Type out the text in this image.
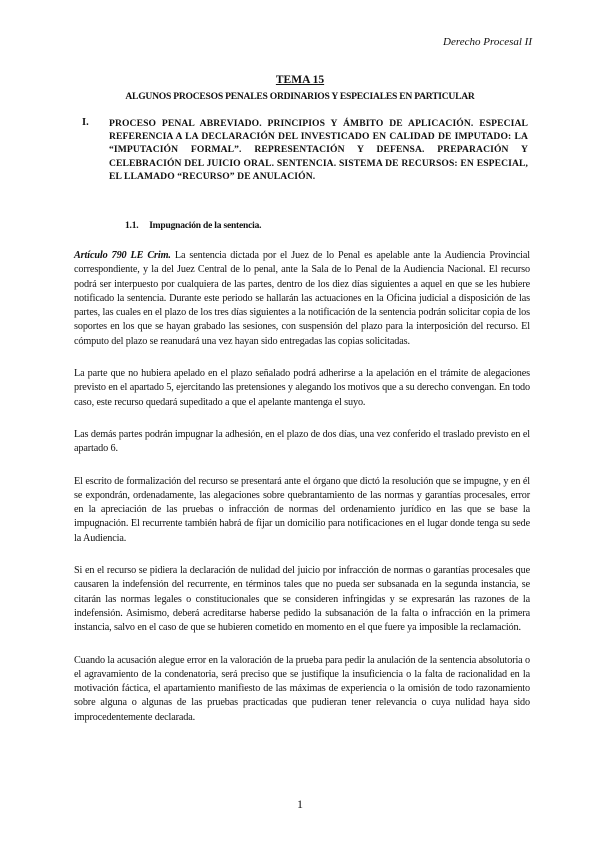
Derecho Procesal II
TEMA 15
ALGUNOS PROCESOS PENALES ORDINARIOS Y ESPECIALES EN PARTICULAR
I. PROCESO PENAL ABREVIADO. PRINCIPIOS Y ÁMBITO DE APLICACIÓN. ESPECIAL REFERENCIA A LA DECLARACIÓN DEL INVESTICADO EN CALIDAD DE IMPUTADO: LA “IMPUTACIÓN FORMAL”. REPRESENTACIÓN Y DEFENSA. PREPARACIÓN Y CELEBRACIÓN DEL JUICIO ORAL. SENTENCIA. SISTEMA DE RECURSOS: EN ESPECIAL, EL LLAMADO “RECURSO” DE ANULACIÓN.
1.1. Impugnación de la sentencia.

Artículo 790 LE Crim. La sentencia dictada por el Juez de lo Penal es apelable ante la Audiencia Provincial correspondiente, y la del Juez Central de lo penal, ante la Sala de lo Penal de la Audiencia Nacional. El recurso podrá ser interpuesto por cualquiera de las partes, dentro de los diez días siguientes a aquel en que se les hubiere notificado la sentencia. Durante este periodo se hallarán las actuaciones en la Oficina judicial a disposición de las partes, las cuales en el plazo de los tres días siguientes a la notificación de la sentencia podrán solicitar copia de los soportes en los que se hayan grabado las sesiones, con suspensión del plazo para la interposición del recurso. El cómputo del plazo se reanudará una vez hayan sido entregadas las copias solicitadas.

La parte que no hubiera apelado en el plazo señalado podrá adherirse a la apelación en el trámite de alegaciones previsto en el apartado 5, ejercitando las pretensiones y alegando los motivos que a su derecho convengan. En todo caso, este recurso quedará supeditado a que el apelante mantenga el suyo.

Las demás partes podrán impugnar la adhesión, en el plazo de dos días, una vez conferido el traslado previsto en el apartado 6.

El escrito de formalización del recurso se presentará ante el órgano que dictó la resolución que se impugne, y en él se expondrán, ordenadamente, las alegaciones sobre quebrantamiento de las normas y garantías procesales, error en la apreciación de las pruebas o infracción de normas del ordenamiento jurídico en las que se base la impugnación. El recurrente también habrá de fijar un domicilio para notificaciones en el lugar donde tenga su sede la Audiencia.

Si en el recurso se pidiera la declaración de nulidad del juicio por infracción de normas o garantías procesales que causaren la indefensión del recurrente, en términos tales que no pueda ser subsanada en la segunda instancia, se citarán las normas legales o constitucionales que se consideren infringidas y se expresarán las razones de la indefensión. Asimismo, deberá acreditarse haberse pedido la subsanación de la falta o infracción en la primera instancia, salvo en el caso de que se hubieren cometido en momento en el que fuere ya imposible la reclamación.

Cuando la acusación alegue error en la valoración de la prueba para pedir la anulación de la sentencia absolutoria o el agravamiento de la condenatoria, será preciso que se justifique la insuficiencia o la falta de racionalidad en la motivación fáctica, el apartamiento manifiesto de las máximas de experiencia o la omisión de todo razonamiento sobre alguna o algunas de las pruebas practicadas que pudieran tener relevancia o cuya nulidad haya sido improcedentemente declarada.

1
